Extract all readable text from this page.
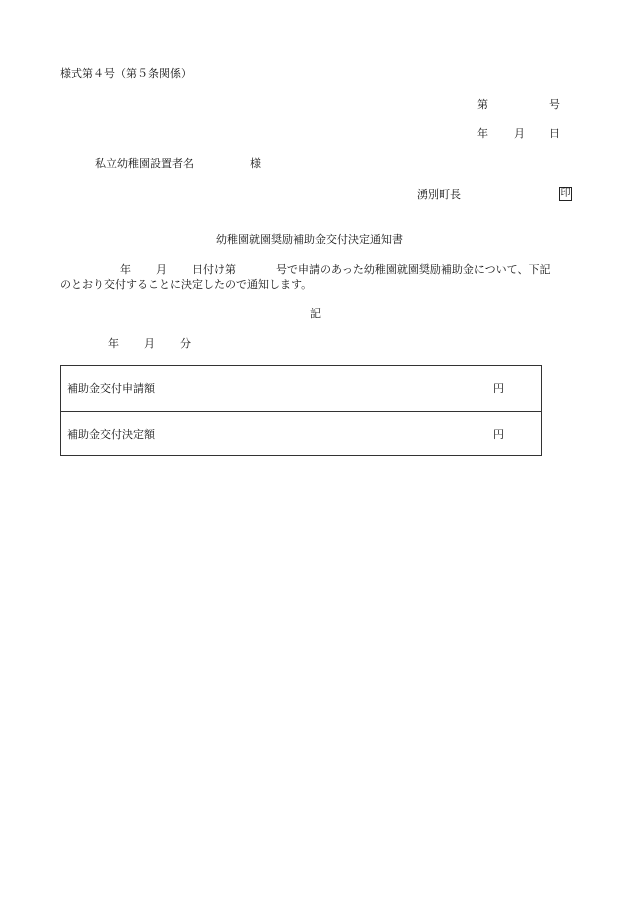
様式第４号（第５条関係）
第	号
年 月 日
私立幼稚園設置者名	様
湧別町長	印
幼稚園就園奨励補助金交付決定通知書
年 月 日付け第	号で申請のあった幼稚園就園奨励補助金について、下記
のとおり交付することに決定したので通知します。
記
年 月 分
補助金交付申請額	円
補助金交付決定額	円
